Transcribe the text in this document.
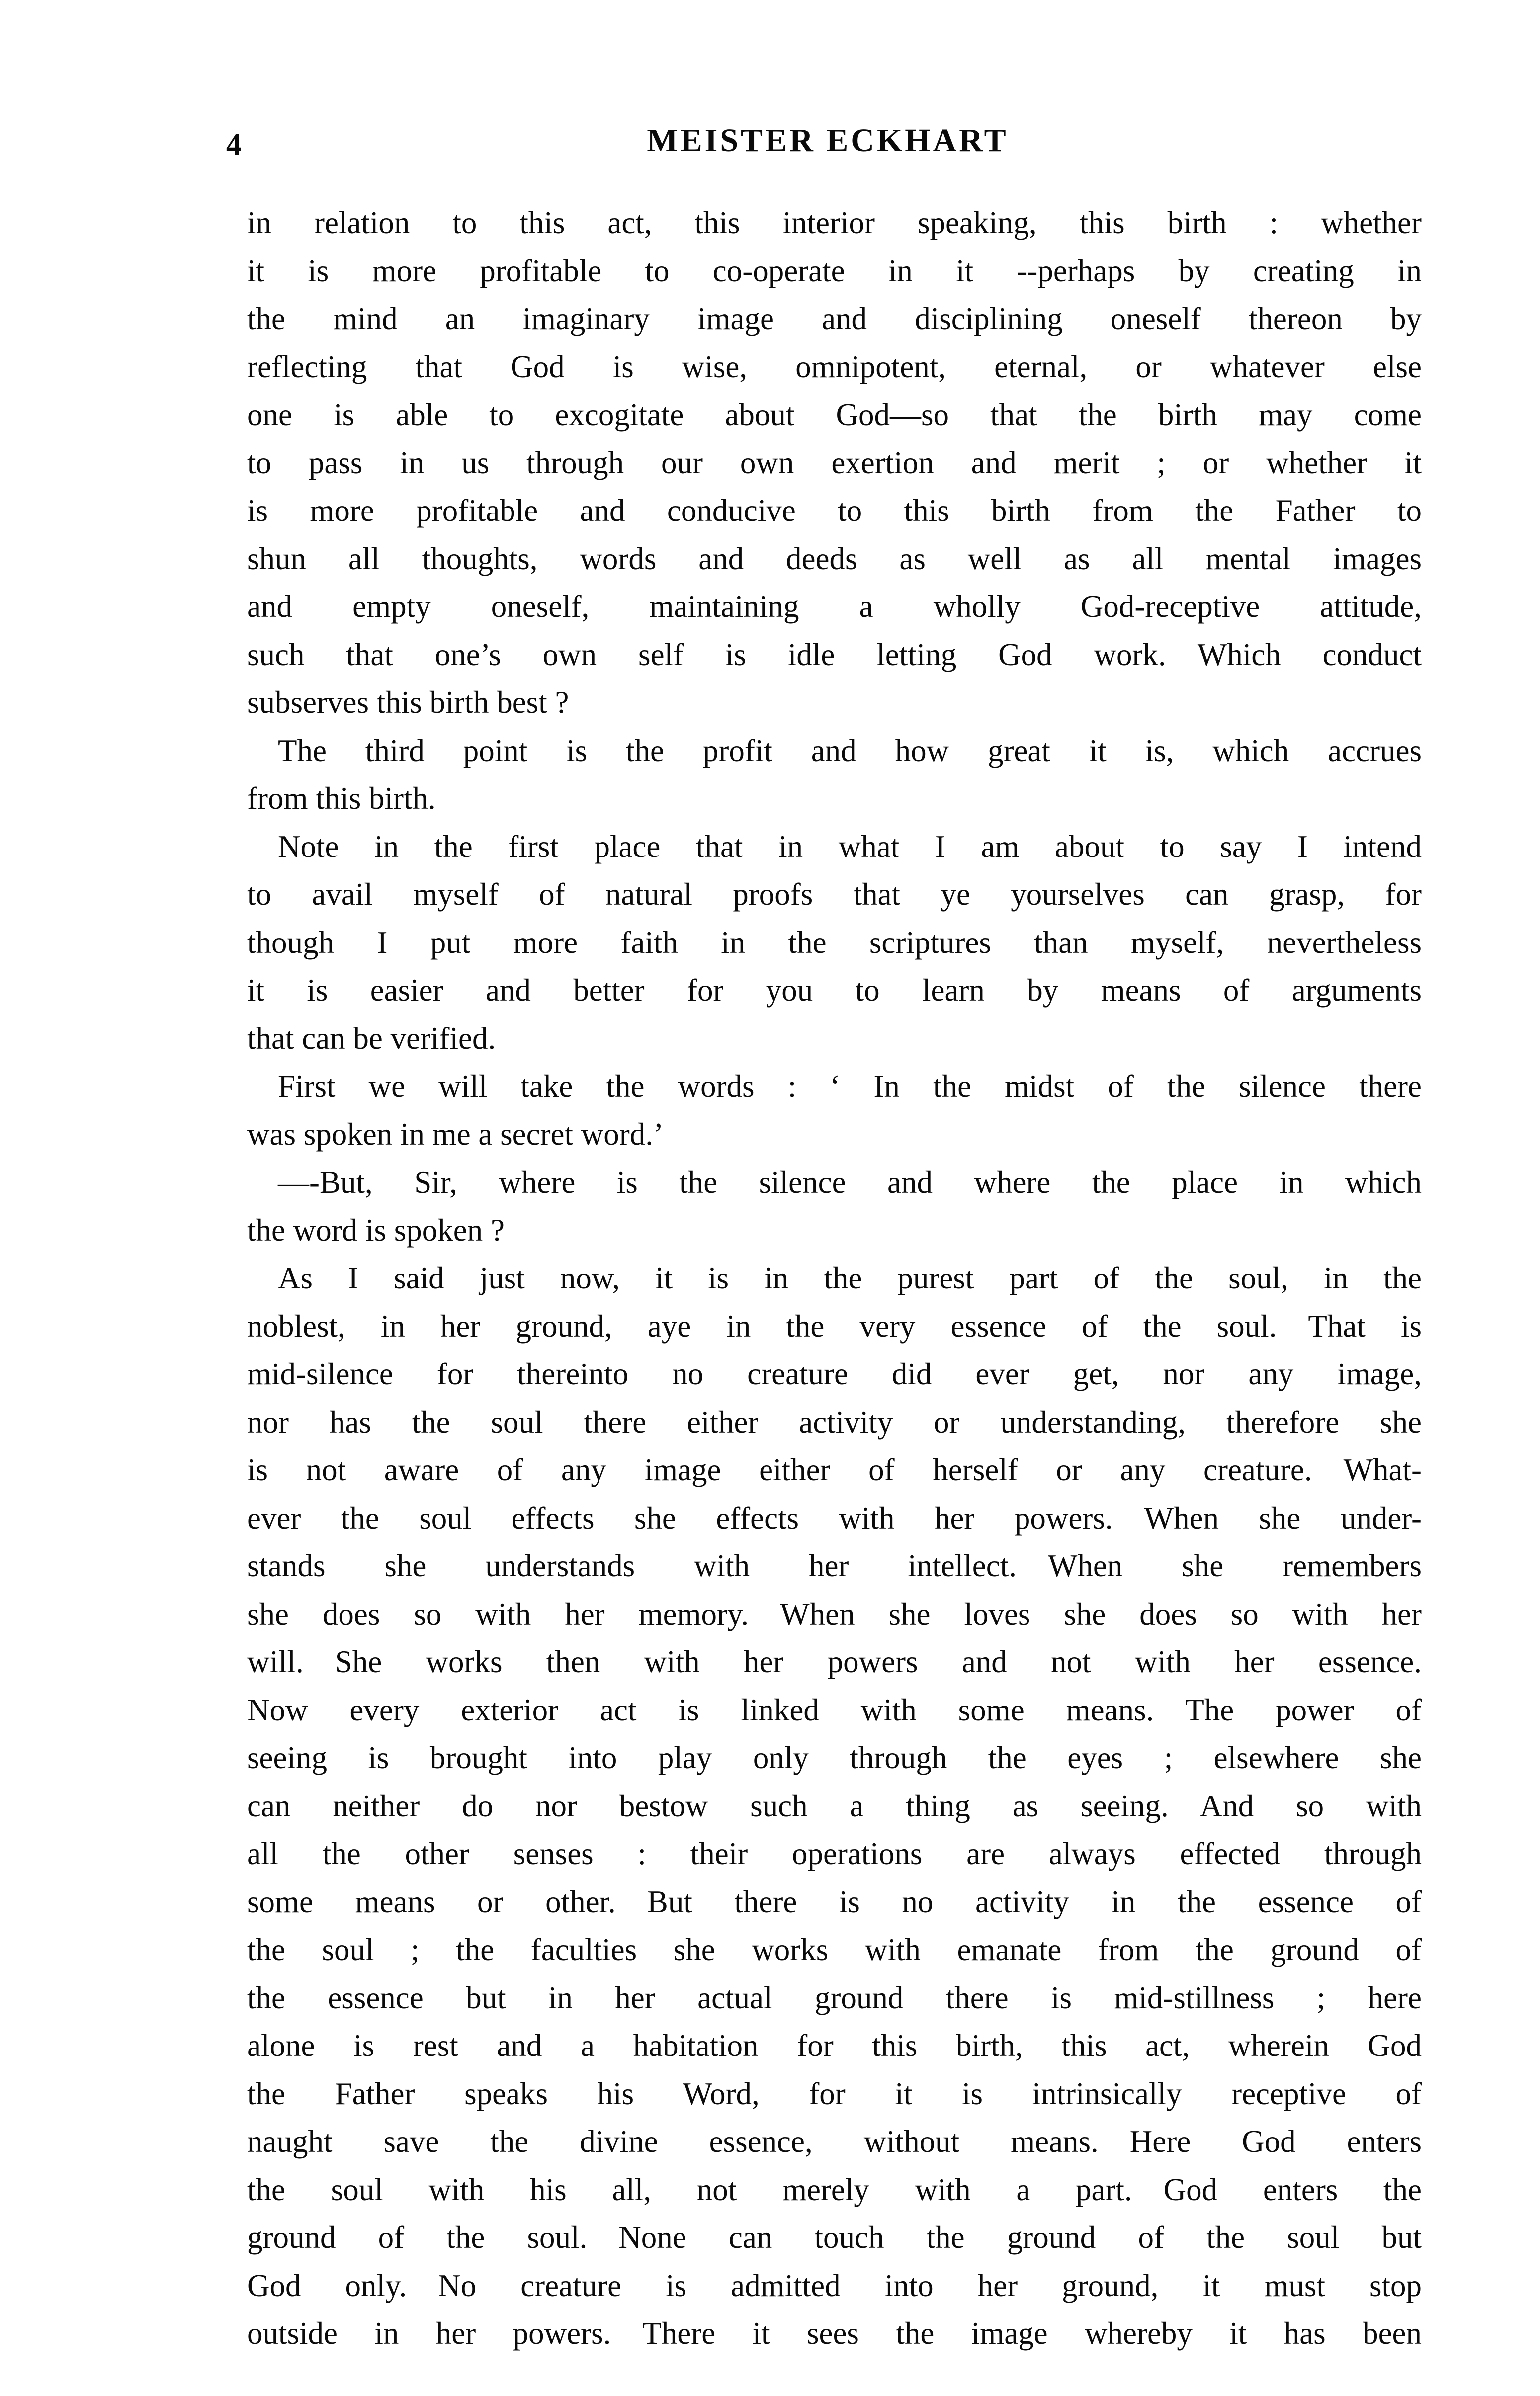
4	MEISTER ECKHART
in relation to this act, this interior speaking, this birth : whether
it is more profitable to co-operate in it --perhaps by creating in
the mind an imaginary image and disciplining oneself thereon by
reflecting that God is wise, omnipotent, eternal, or whatever else
one is able to excogitate about God—so that the birth may come
to pass in us through our own exertion and merit ; or whether it
is more profitable and conducive to this birth from the Father to
shun all thoughts, words and deeds as well as all mental images
and empty oneself, maintaining a wholly God-receptive attitude,
such that one’s own self is idle letting God work. Which conduct
subserves this birth best ?
The third point is the profit and how great it is, which accrues
from this birth.
Note in the first place that in what I am about to say I intend
to avail myself of natural proofs that ye yourselves can grasp, for
though I put more faith in the scriptures than myself, nevertheless
it is easier and better for you to learn by means of arguments
that can be verified.
First we will take the words : ‘ In the midst of the silence there
was spoken in me a secret word.’
—-But, Sir, where is the silence and where the place in which
the word is spoken ?
As I said just now, it is in the purest part of the soul, in the
noblest, in her ground, aye in the very essence of the soul. That is
mid-silence for thereinto no creature did ever get, nor any image,
nor has the soul there either activity or understanding, therefore she
is not aware of any image either of herself or any creature. What-
ever the soul effects she effects with her powers. When she under-
stands she understands with her intellect. When she remembers
she does so with her memory. When she loves she does so with her
will. She works then with her powers and not with her essence.
Now every exterior act is linked with some means. The power of
seeing is brought into play only through the eyes ; elsewhere she
can neither do nor bestow such a thing as seeing. And so with
all the other senses : their operations are always effected through
some means or other. But there is no activity in the essence of
the soul ; the faculties she works with emanate from the ground of
the essence but in her actual ground there is mid-stillness ; here
alone is rest and a habitation for this birth, this act, wherein God
the Father speaks his Word, for it is intrinsically receptive of
naught save the divine essеnce, without means. Here God enters
the soul with his all, not merely with a part. God enters the
ground of the soul. None can touch the ground of the soul but
God only. No creature is admitted into her ground, it must stop
outside in her powers. There it sees the image whereby it has been
